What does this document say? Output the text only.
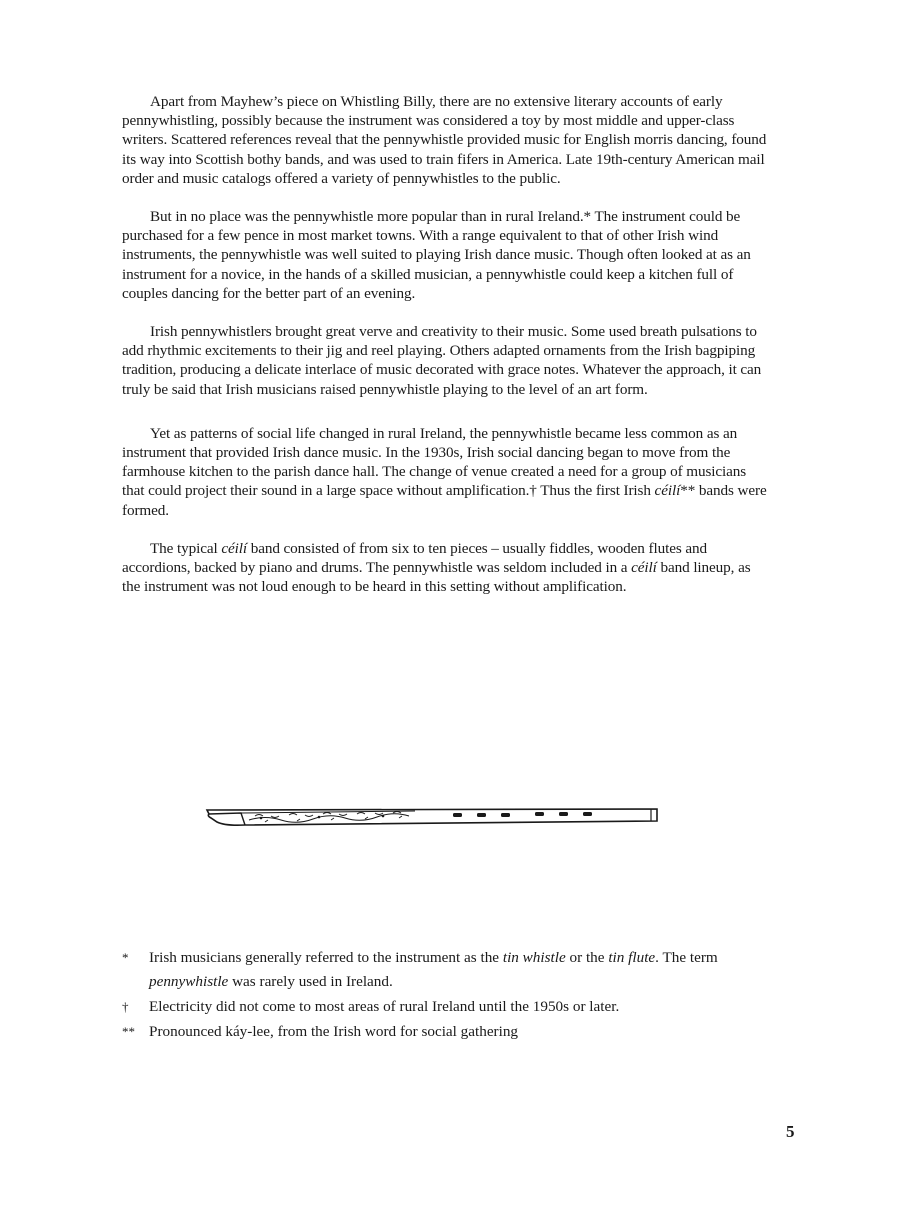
Apart from Mayhew’s piece on Whistling Billy, there are no extensive literary accounts of early pennywhistling, possibly because the instrument was considered a toy by most middle and upper-class writers. Scattered references reveal that the pennywhistle provided music for English morris dancing, found its way into Scottish bothy bands, and was used to train fifers in America. Late 19th-century American mail order and music catalogs offered a variety of pennywhistles to the public.

But in no place was the pennywhistle more popular than in rural Ireland.* The instrument could be purchased for a few pence in most market towns. With a range equivalent to that of other Irish wind instruments, the pennywhistle was well suited to playing Irish dance music. Though often looked at as an instrument for a novice, in the hands of a skilled musician, a pennywhistle could keep a kitchen full of couples dancing for the better part of an evening.

Irish pennywhistlers brought great verve and creativity to their music. Some used breath pulsations to add rhythmic excitements to their jig and reel playing. Others adapted ornaments from the Irish bagpiping tradition, producing a delicate interlace of music decorated with grace notes. Whatever the approach, it can truly be said that Irish musicians raised pennywhistle playing to the level of an art form.

Yet as patterns of social life changed in rural Ireland, the pennywhistle became less common as an instrument that provided Irish dance music. In the 1930s, Irish social dancing began to move from the farmhouse kitchen to the parish dance hall. The change of venue created a need for a group of musicians that could project their sound in a large space without amplification.† Thus the first Irish céilí** bands were formed.

The typical céilí band consisted of from six to ten pieces – usually fiddles, wooden flutes and accordions, backed by piano and drums. The pennywhistle was seldom included in a céilí band lineup, as the instrument was not loud enough to be heard in this setting without amplification.

* Irish musicians generally referred to the instrument as the tin whistle or the tin flute. The term pennywhistle was rarely used in Ireland.
† Electricity did not come to most areas of rural Ireland until the 1950s or later.
** Pronounced káy-lee, from the Irish word for social gathering
5
